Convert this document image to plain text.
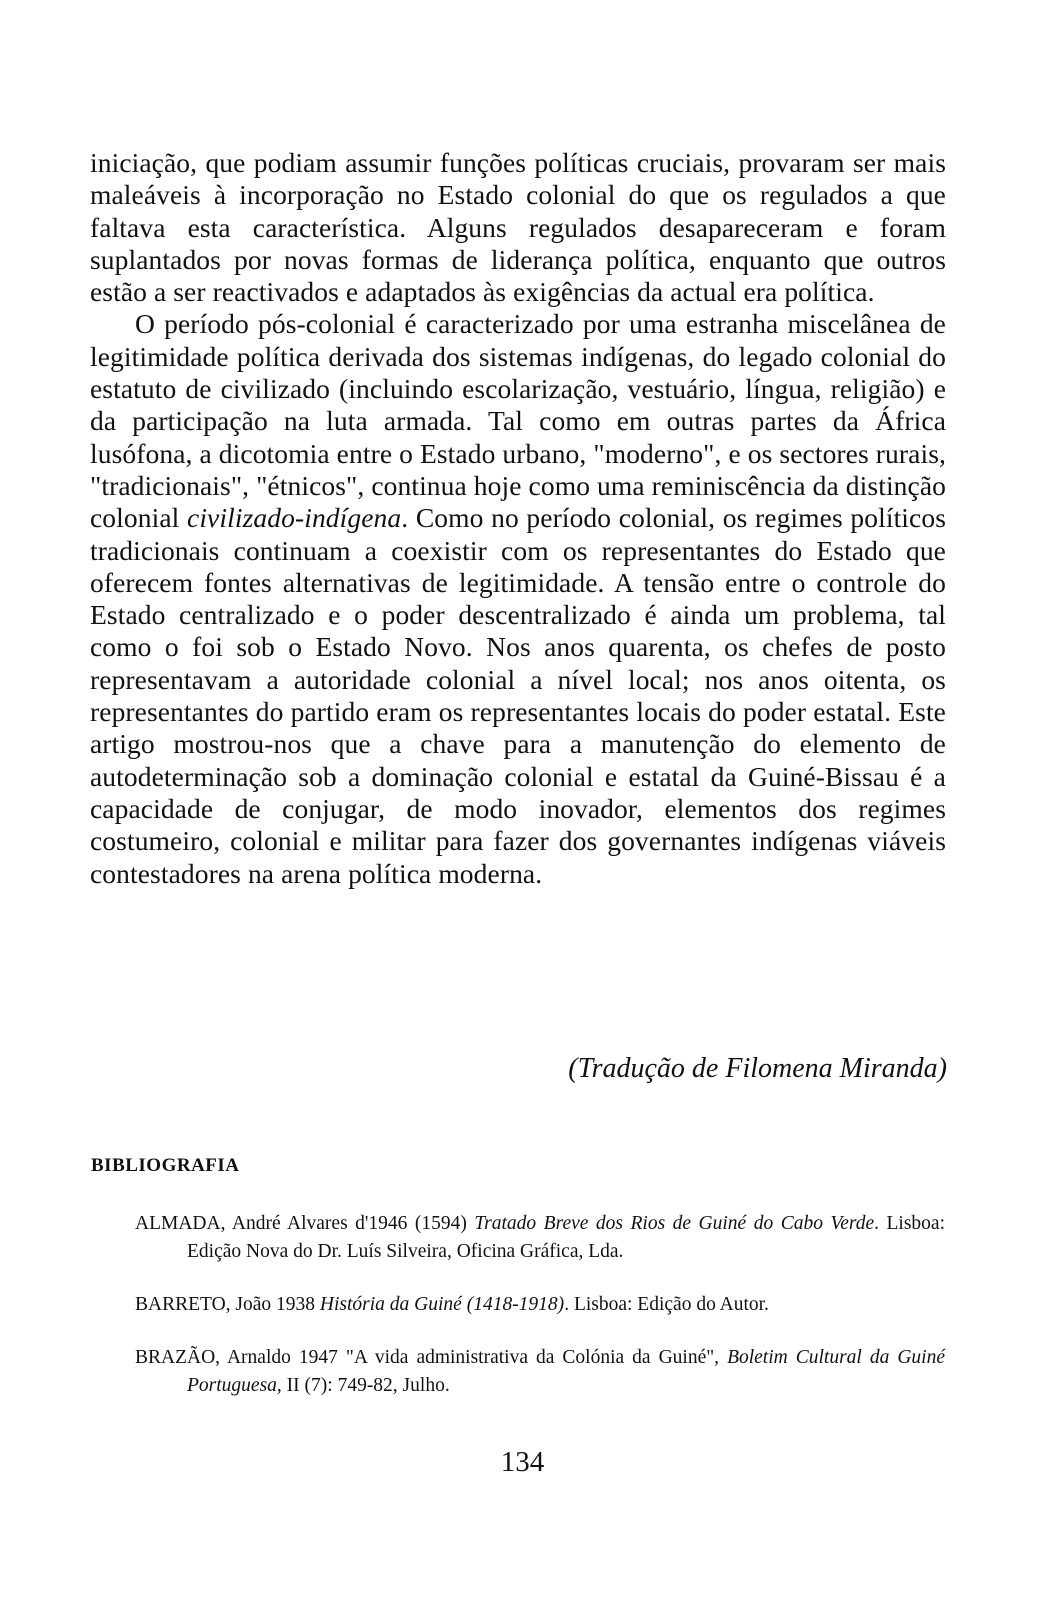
iniciação, que podiam assumir funções políticas cruciais, provaram ser mais maleáveis à incorporação no Estado colonial do que os regulados a que faltava esta característica. Alguns regulados desapareceram e foram suplantados por novas formas de liderança política, enquanto que outros estão a ser reactivados e adaptados às exigências da actual era política.
O período pós-colonial é caracterizado por uma estranha miscelânea de legitimidade política derivada dos sistemas indígenas, do legado colonial do estatuto de civilizado (incluindo escolarização, vestuário, língua, religião) e da participação na luta armada. Tal como em outras partes da África lusófona, a dicotomia entre o Estado urbano, "moderno", e os sectores rurais, "tradicionais", "étnicos", continua hoje como uma reminiscência da distinção colonial civilizado-indígena. Como no período colonial, os regimes políticos tradicionais continuam a coexistir com os representantes do Estado que oferecem fontes alternativas de legitimidade. A tensão entre o controle do Estado centralizado e o poder descentralizado é ainda um problema, tal como o foi sob o Estado Novo. Nos anos quarenta, os chefes de posto representavam a autoridade colonial a nível local; nos anos oitenta, os representantes do partido eram os representantes locais do poder estatal. Este artigo mostrou-nos que a chave para a manutenção do elemento de autodeterminação sob a dominação colonial e estatal da Guiné-Bissau é a capacidade de conjugar, de modo inovador, elementos dos regimes costumeiro, colonial e militar para fazer dos governantes indígenas viáveis contestadores na arena política moderna.

(Tradução de Filomena Miranda)

BIBLIOGRAFIA
ALMADA, André Alvares d'1946 (1594) Tratado Breve dos Rios de Guiné do Cabo Verde. Lisboa: Edição Nova do Dr. Luís Silveira, Oficina Gráfica, Lda.
BARRETO, João 1938 História da Guiné (1418-1918). Lisboa: Edição do Autor.
BRAZÃO, Arnaldo 1947 "A vida administrativa da Colónia da Guiné", Boletim Cultural da Guiné Portuguesa, II (7): 749-82, Julho.

134
